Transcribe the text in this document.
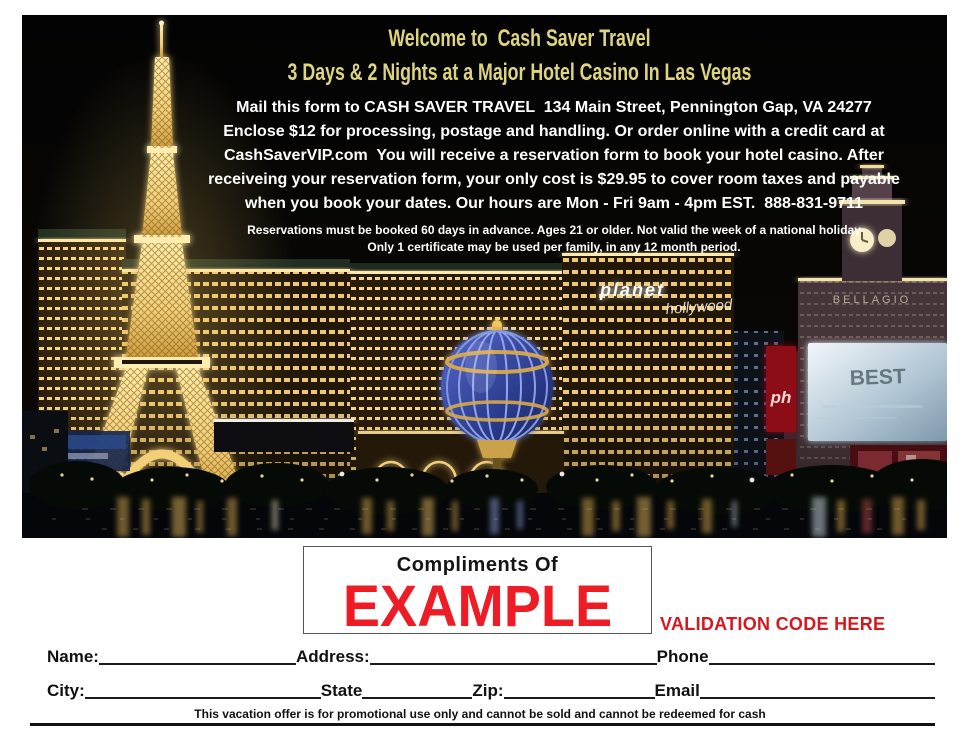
BELLAGIO
BEST
ph
planet
hollywood
Welcome to  Cash Saver Travel
3 Days & 2 Nights at a Major Hotel Casino In Las Vegas
Mail this form to CASH SAVER TRAVEL  134 Main Street, Pennington Gap, VA 24277
Enclose $12 for processing, postage and handling. Or order online with a credit card at
CashSaverVIP.com  You will receive a reservation form to book your hotel casino. After
receiveing your reservation form, your only cost is $29.95 to cover room taxes and payable
when you book your dates. Our hours are Mon - Fri 9am - 4pm EST.  888-831-9711
Reservations must be booked 60 days in advance. Ages 21 or older. Not valid the week of a national holiday
Only 1 certificate may be used per family, in any 12 month period.
Compliments Of
EXAMPLE	VALIDATION CODE HERE
Name:	Address:	Phone
City:	State	Zip:	Email
This vacation offer is for promotional use only and cannot be sold and cannot be redeemed for cash
